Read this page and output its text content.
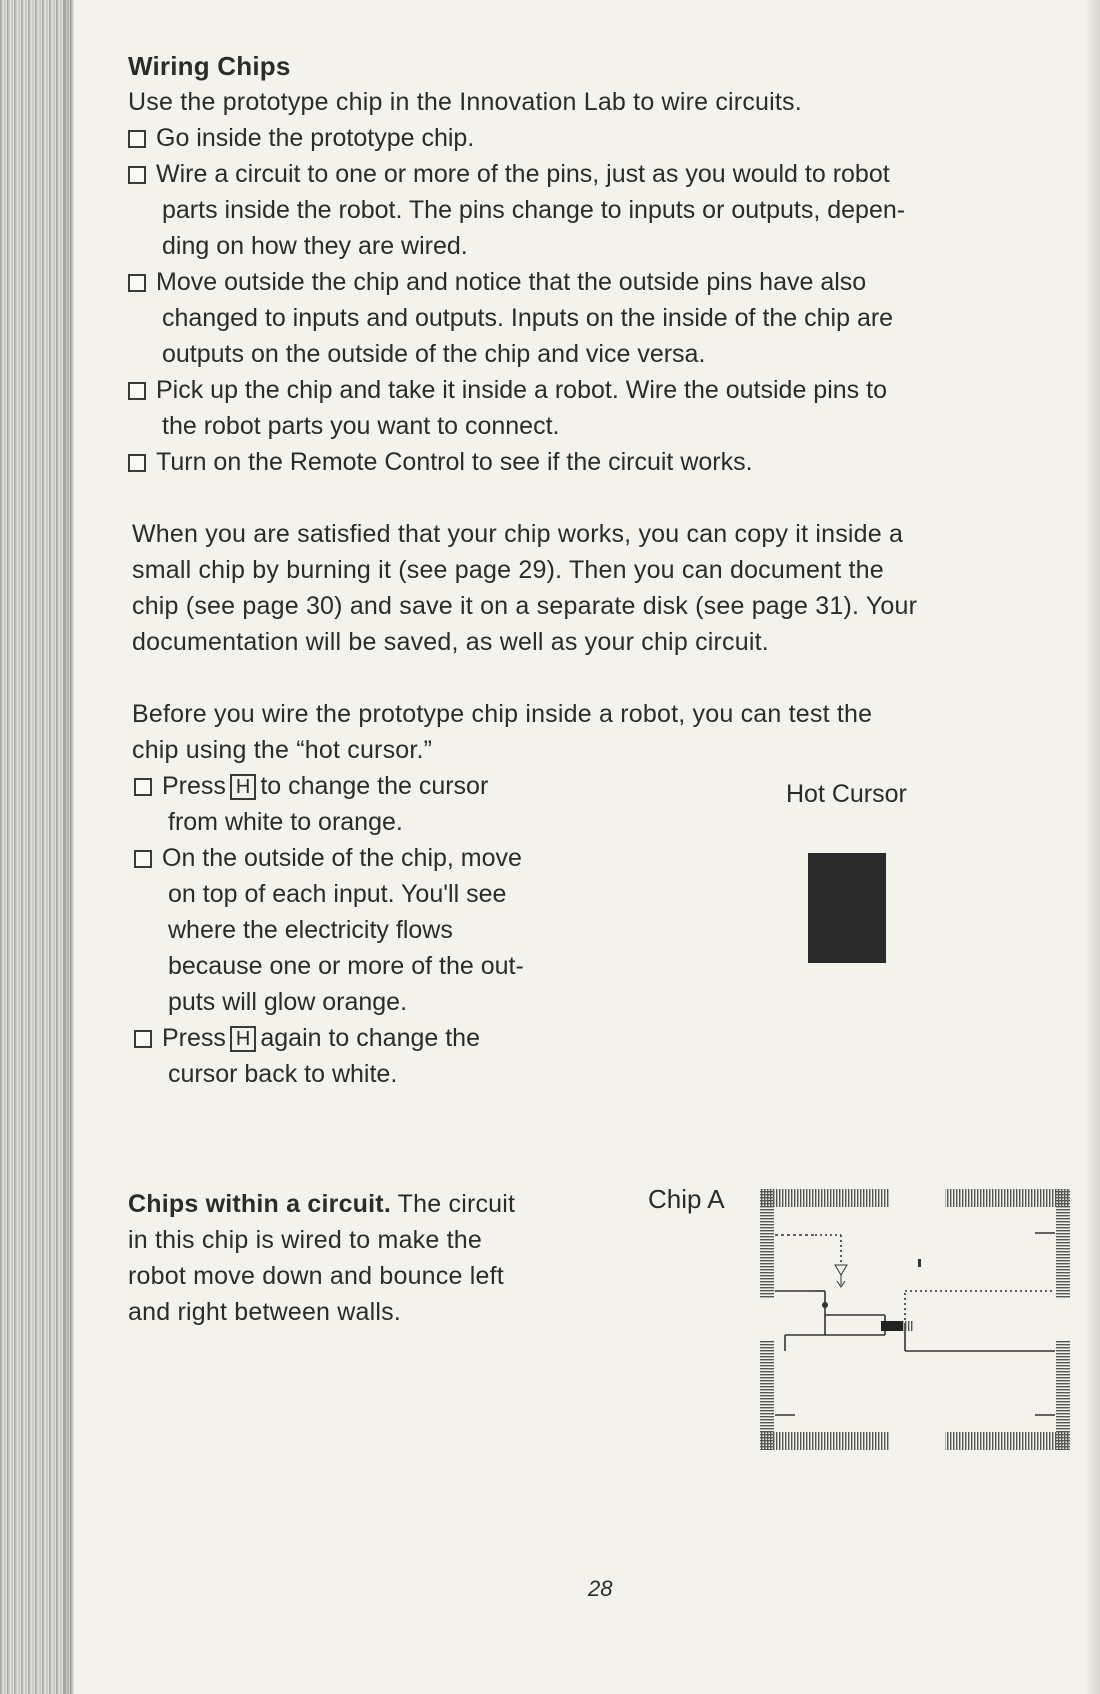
Wiring Chips
Use the prototype chip in the Innovation Lab to wire circuits.
Go inside the prototype chip.
Wire a circuit to one or more of the pins, just as you would to robot
parts inside the robot. The pins change to inputs or outputs, depen-
ding on how they are wired.
Move outside the chip and notice that the outside pins have also
changed to inputs and outputs. Inputs on the inside of the chip are
outputs on the outside of the chip and vice versa.
Pick up the chip and take it inside a robot. Wire the outside pins to
the robot parts you want to connect.
Turn on the Remote Control to see if the circuit works.
When you are satisfied that your chip works, you can copy it inside a
small chip by burning it (see page 29). Then you can document the
chip (see page 30) and save it on a separate disk (see page 31). Your
documentation will be saved, as well as your chip circuit.
Before you wire the prototype chip inside a robot, you can test the
chip using the “hot cursor.”
Press H to change the cursor
from white to orange.
On the outside of the chip, move
on top of each input. You'll see
where the electricity flows
because one or more of the out-
puts will glow orange.
Press H again to change the
cursor back to white.
Hot Cursor
Chips within a circuit. The circuit
in this chip is wired to make the
robot move down and bounce left
and right between walls.
Chip A
28
